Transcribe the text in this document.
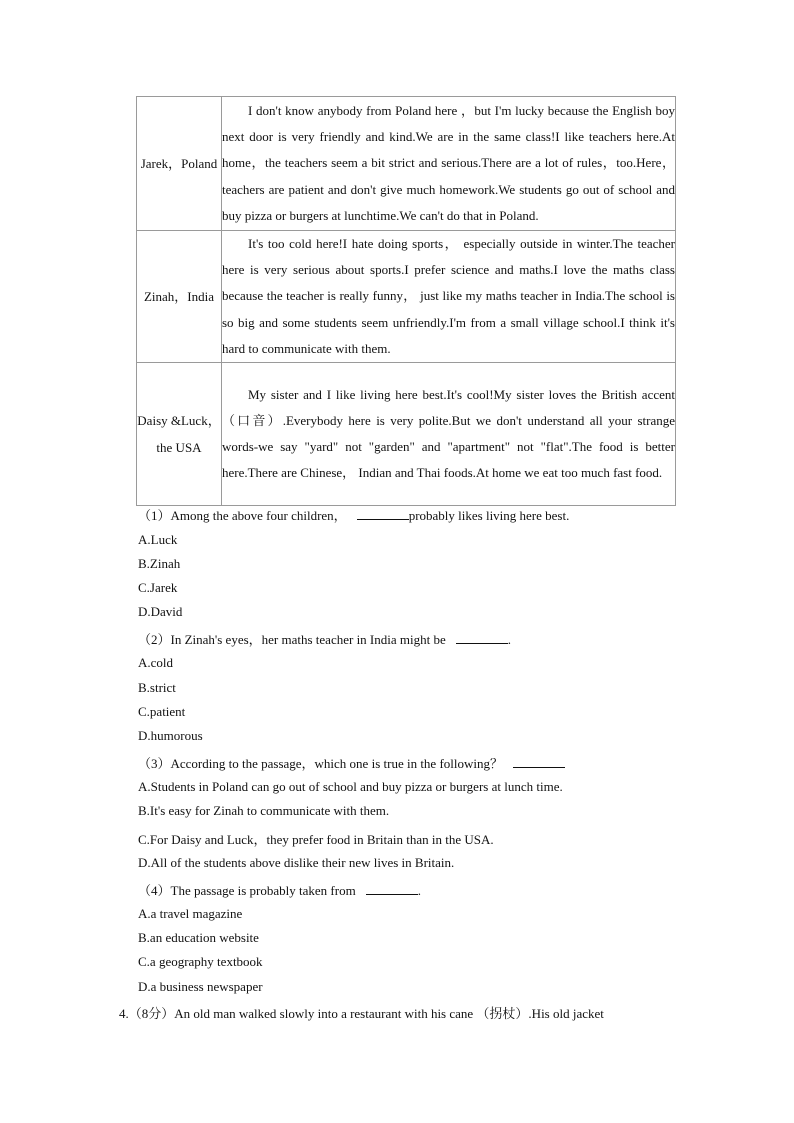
Jarek，Poland	I don't know anybody from Poland here ，but I'm lucky because the English boy next door is very friendly and kind.We are in the same class!I like teachers here.At home，the teachers seem a bit strict and serious.There are a lot of rules，too.Here， teachers are patient and don't give much homework.We students go out of school and buy pizza or burgers at lunchtime.We can't do that in Poland.
Zinah，India	It's too cold here!I hate doing sports， especially outside in winter.The teacher here is very serious about sports.I prefer science and maths.I love the maths class because the teacher is really funny， just like my maths teacher in India.The school is so big and some students seem unfriendly.I'm from a small village school.I think it's hard to communicate with them.
Daisy &Luck，the USA	My sister and I like living here best.It's cool!My sister loves the British accent （口音）.Everybody here is very polite.But we don't understand all your strange words-we say "yard" not "garden" and "apartment" not "flat".The food is better here.There are Chinese， Indian and Thai foods.At home we eat too much fast food.
（1）Among the above four children，	probably likes living here best.
A.Luck
B.Zinah
C.Jarek
D.David
（2）In Zinah's eyes，her maths teacher in India might be	.
A.cold
B.strict
C.patient
D.humorous
（3）According to the passage，which one is true in the following？
A.Students in Poland can go out of school and buy pizza or burgers at lunch time.
B.It's easy for Zinah to communicate with them.
C.For Daisy and Luck，they prefer food in Britain than in the USA.
D.All of the students above dislike their new lives in Britain.
（4）The passage is probably taken from	.
A.a travel magazine
B.an education website
C.a geography textbook
D.a business newspaper
4.（8分）An old man walked slowly into a restaurant with his cane （拐杖）.His old jacket
